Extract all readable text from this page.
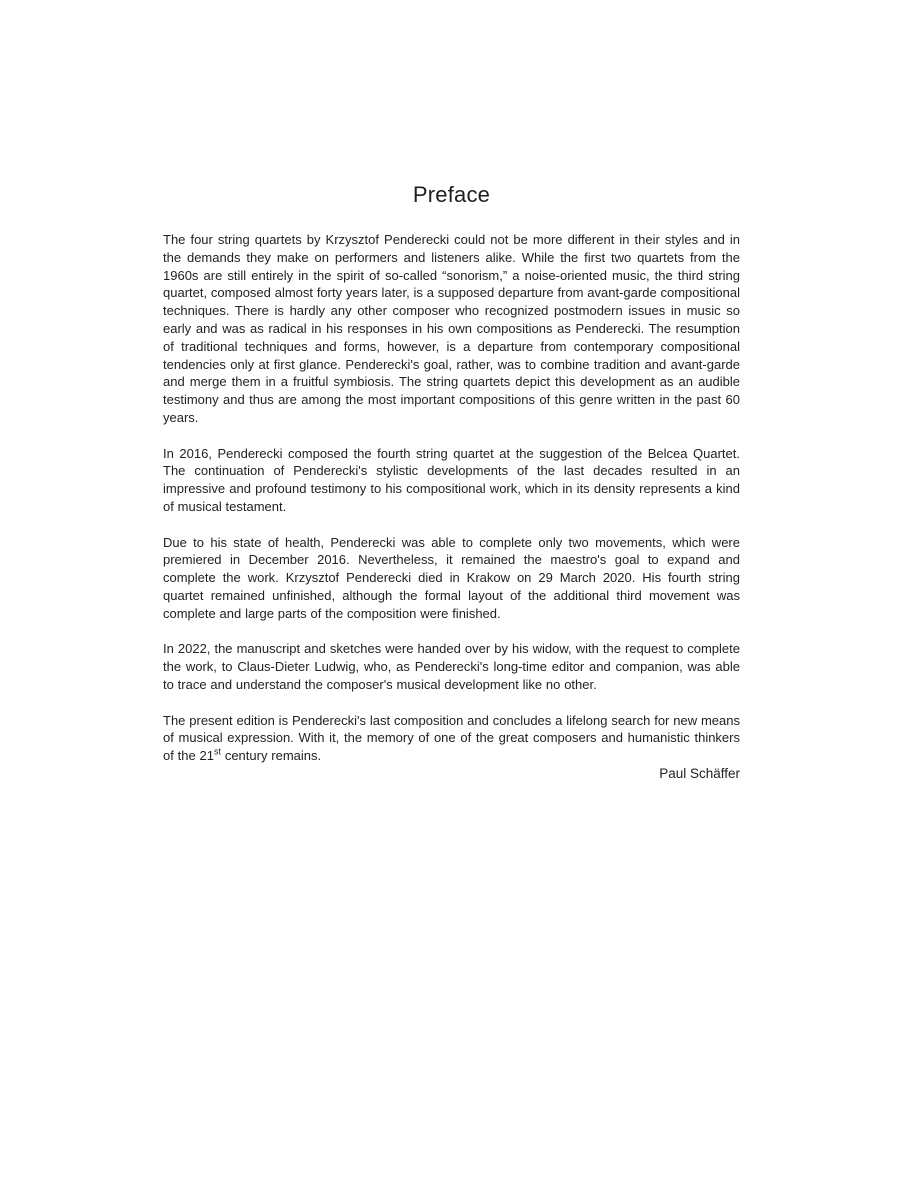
Preface

The four string quartets by Krzysztof Penderecki could not be more different in their styles and in the demands they make on performers and listeners alike. While the first two quartets from the 1960s are still entirely in the spirit of so-called “sonorism,” a noise-oriented music, the third string quartet, composed almost forty years later, is a supposed departure from avant-garde compositional techniques. There is hardly any other composer who recognized postmodern issues in music so early and was as radical in his responses in his own compositions as Penderecki. The resumption of traditional techniques and forms, however, is a departure from contemporary compositional tendencies only at first glance. Penderecki's goal, rather, was to combine tradition and avant-garde and merge them in a fruitful symbiosis. The string quartets depict this development as an audible testimony and thus are among the most important compositions of this genre written in the past 60 years.

In 2016, Penderecki composed the fourth string quartet at the suggestion of the Belcea Quartet. The continuation of Penderecki's stylistic developments of the last decades resulted in an impressive and profound testimony to his compositional work, which in its density represents a kind of musical testament.

Due to his state of health, Penderecki was able to complete only two movements, which were premiered in December 2016. Nevertheless, it remained the maestro's goal to expand and complete the work. Krzysztof Penderecki died in Krakow on 29 March 2020. His fourth string quartet remained unfinished, although the formal layout of the additional third movement was complete and large parts of the composition were finished.

In 2022, the manuscript and sketches were handed over by his widow, with the request to complete the work, to Claus-Dieter Ludwig, who, as Penderecki's long-time editor and companion, was able to trace and understand the composer's musical development like no other.

The present edition is Penderecki's last composition and concludes a lifelong search for new means of musical expression. With it, the memory of one of the great composers and humanistic thinkers of the 21st century remains.

Paul Schäffer
